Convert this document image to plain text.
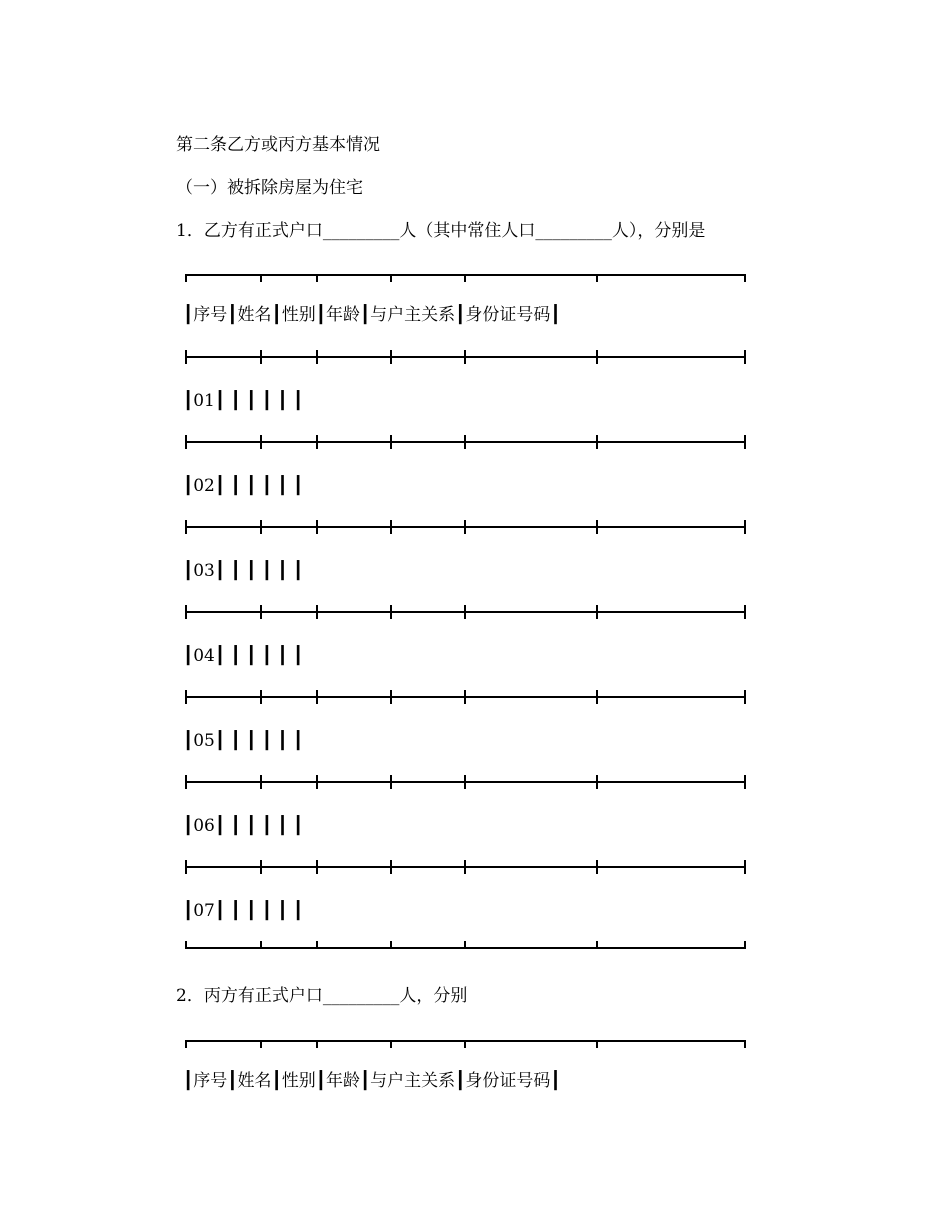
第二条乙方或丙方基本情况
（一）被拆除房屋为住宅
1．乙方有正式户口_________人（其中常住人口_________人），分别是
┃序号┃姓名┃性别┃年龄┃与户主关系┃身份证号码┃
┃01┃ ┃ ┃ ┃ ┃ ┃
┃02┃ ┃ ┃ ┃ ┃ ┃
┃03┃ ┃ ┃ ┃ ┃ ┃
┃04┃ ┃ ┃ ┃ ┃ ┃
┃05┃ ┃ ┃ ┃ ┃ ┃
┃06┃ ┃ ┃ ┃ ┃ ┃
┃07┃ ┃ ┃ ┃ ┃ ┃
2．丙方有正式户口_________人，分别
┃序号┃姓名┃性别┃年龄┃与户主关系┃身份证号码┃
